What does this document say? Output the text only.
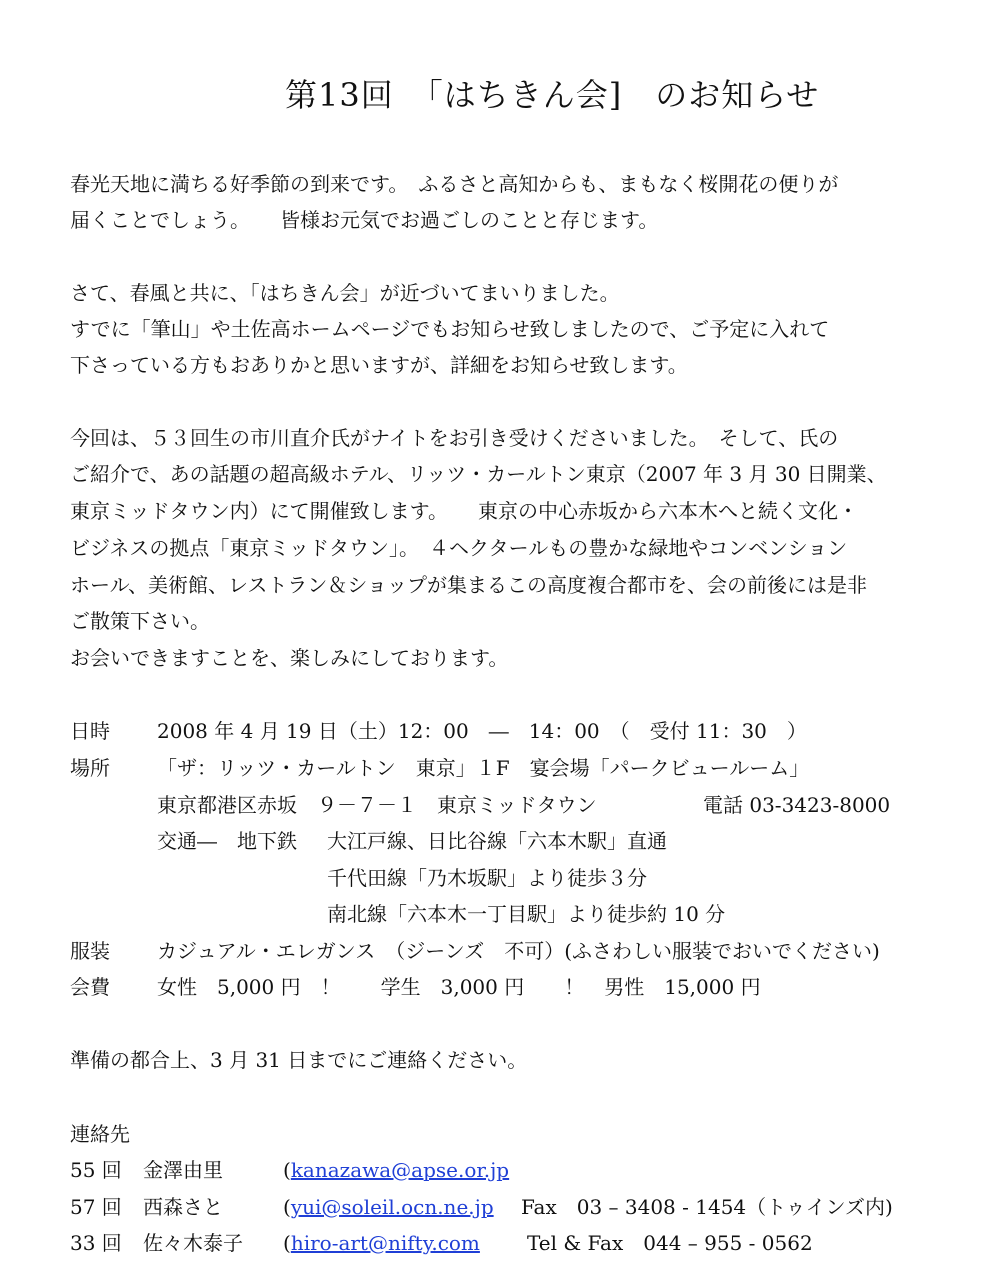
第13回　「はちきん会]　のお知らせ
春光天地に満ちる好季節の到来です。　ふるさと高知からも、まもなく桜開花の便りが
届くことでしょう。　　皆様お元気でお過ごしのことと存じます。
さて、春風と共に、「はちきん会」が近づいてまいりました。
すでに「筆山」や土佐高ホームページでもお知らせ致しましたので、ご予定に入れて
下さっている方もおありかと思いますが、詳細をお知らせ致します。
今回は、５３回生の市川直介氏がナイトをお引き受けくださいました。　そして、氏の
ご紹介で、あの話題の超高級ホテル、リッツ・カールトン東京（2007 年 3 月 30 日開業、
東京ミッドタウン内）にて開催致します。　　東京の中心赤坂から六本木へと続く文化・
ビジネスの拠点「東京ミッドタウン」。　４ヘクタールもの豊かな緑地やコンベンション
ホール、美術館、レストラン＆ショップが集まるこの高度複合都市を、会の前後には是非
ご散策下さい。
お会いできますことを、楽しみにしております。
日時 2008 年 4 月 19 日（土）12：00　―　14：00　（　受付 11：30　）
場所 「ザ：リッツ・カールトン　東京」１F　宴会場「パークビュールーム」
東京都港区赤坂　９－７－１　東京ミッドタウン	電話 03-3423-8000
交通―　地下鉄 大江戸線、日比谷線「六本木駅」直通
千代田線「乃木坂駅」より徒歩３分
南北線「六本木一丁目駅」より徒歩約 10 分
服装 カジュアル・エレガンス　（ジーンズ　不可）(ふさわしい服装でおいでください)
会費 女性　5,000 円　！　　学生　3,000 円　　！　男性　15,000 円
準備の都合上、3 月 31 日までにご連絡ください。
連絡先
55 回 金澤由里	(kanazawa@apse.or.jp
57 回 西森さと	(yui@soleil.ocn.ne.jp Fax　03 – 3408 - 1454（トゥインズ内)
33 回 佐々木泰子 (hiro-art@nifty.com Tel & Fax　044 – 955 - 0562
